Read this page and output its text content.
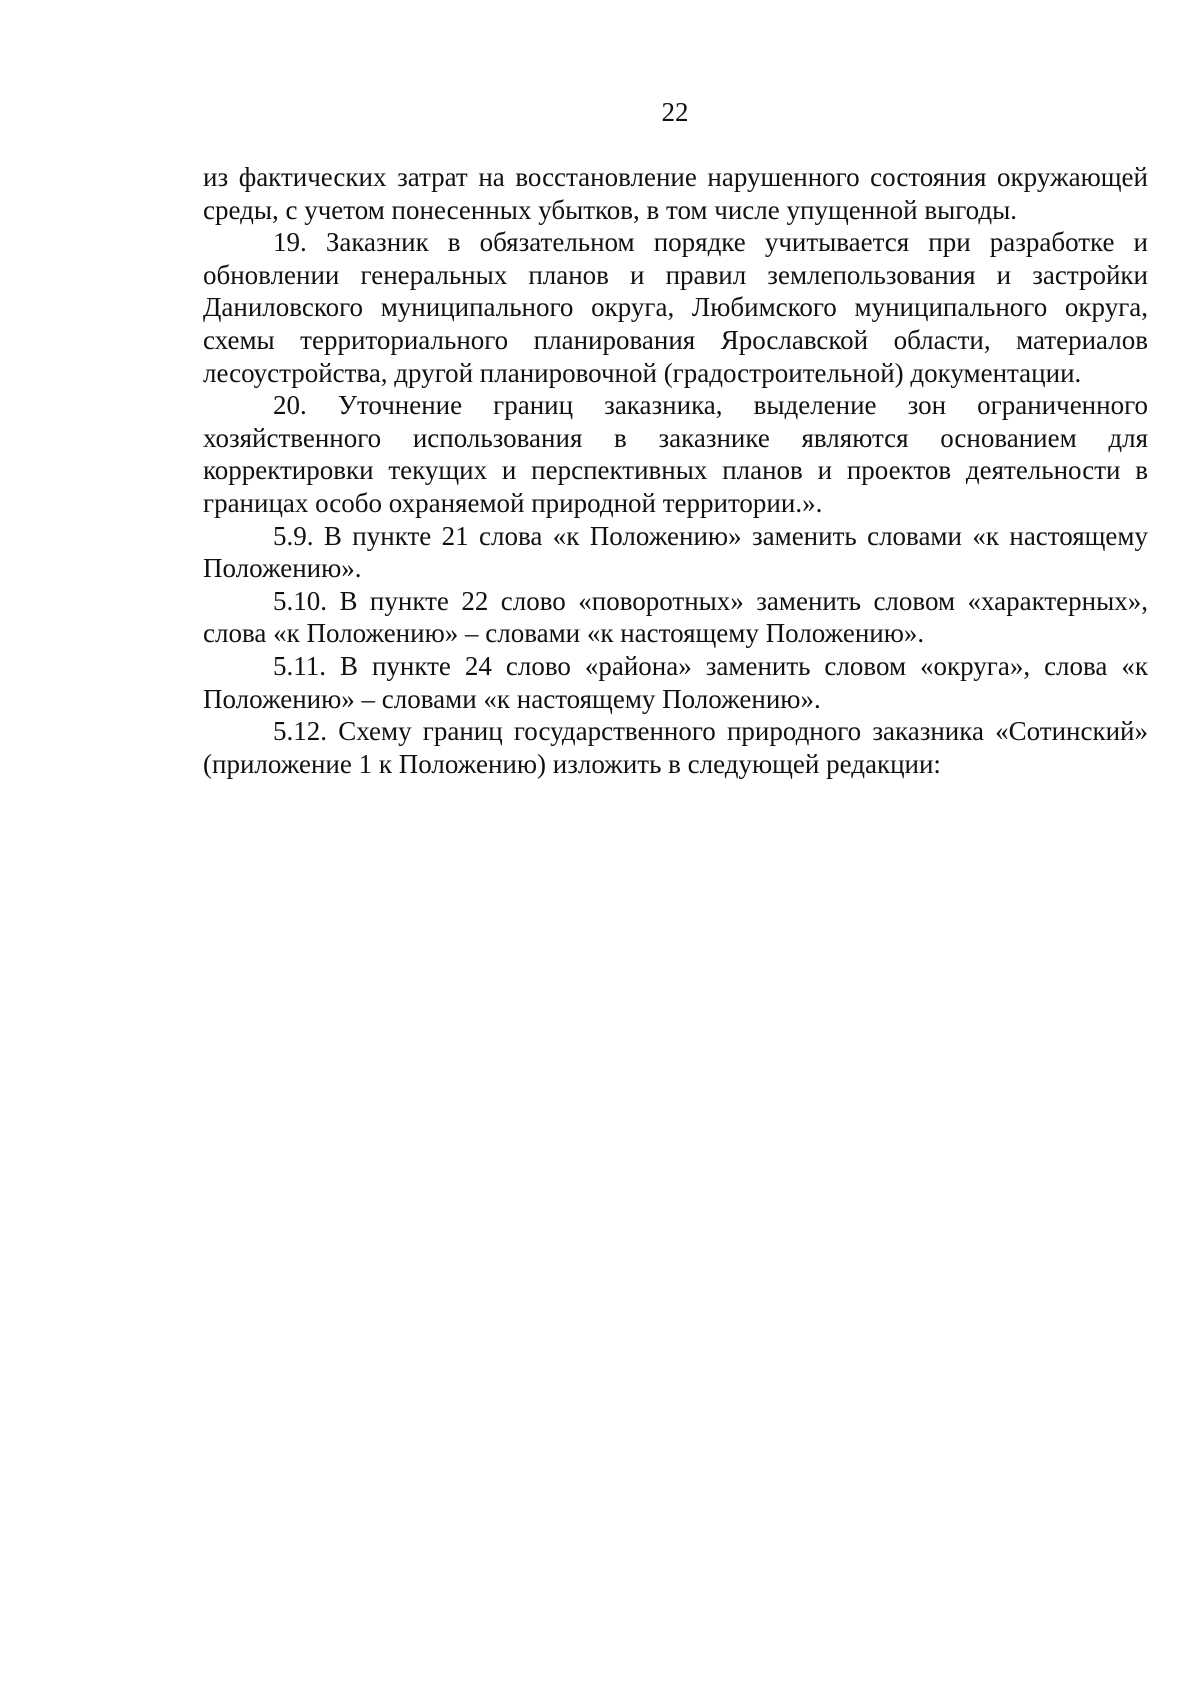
22

из фактических затрат на восстановление нарушенного состояния окружающей среды, с учетом понесенных убытков, в том числе упущенной выгоды.

19. Заказник в обязательном порядке учитывается при разработке и обновлении генеральных планов и правил землепользования и застройки Даниловского муниципального округа, Любимского муниципального округа, схемы территориального планирования Ярославской области, материалов лесоустройства, другой планировочной (градостроительной) документации.

20. Уточнение границ заказника, выделение зон ограниченного хозяйственного использования в заказнике являются основанием для корректировки текущих и перспективных планов и проектов деятельности в границах особо охраняемой природной территории.».

5.9. В пункте 21 слова «к Положению» заменить словами «к настоящему Положению».

5.10. В пункте 22 слово «поворотных» заменить словом «характерных», слова «к Положению» – словами «к настоящему Положению».

5.11. В пункте 24 слово «района» заменить словом «округа», слова «к Положению» – словами «к настоящему Положению».

5.12. Схему границ государственного природного заказника «Сотинский» (приложение 1 к Положению) изложить в следующей редакции:
